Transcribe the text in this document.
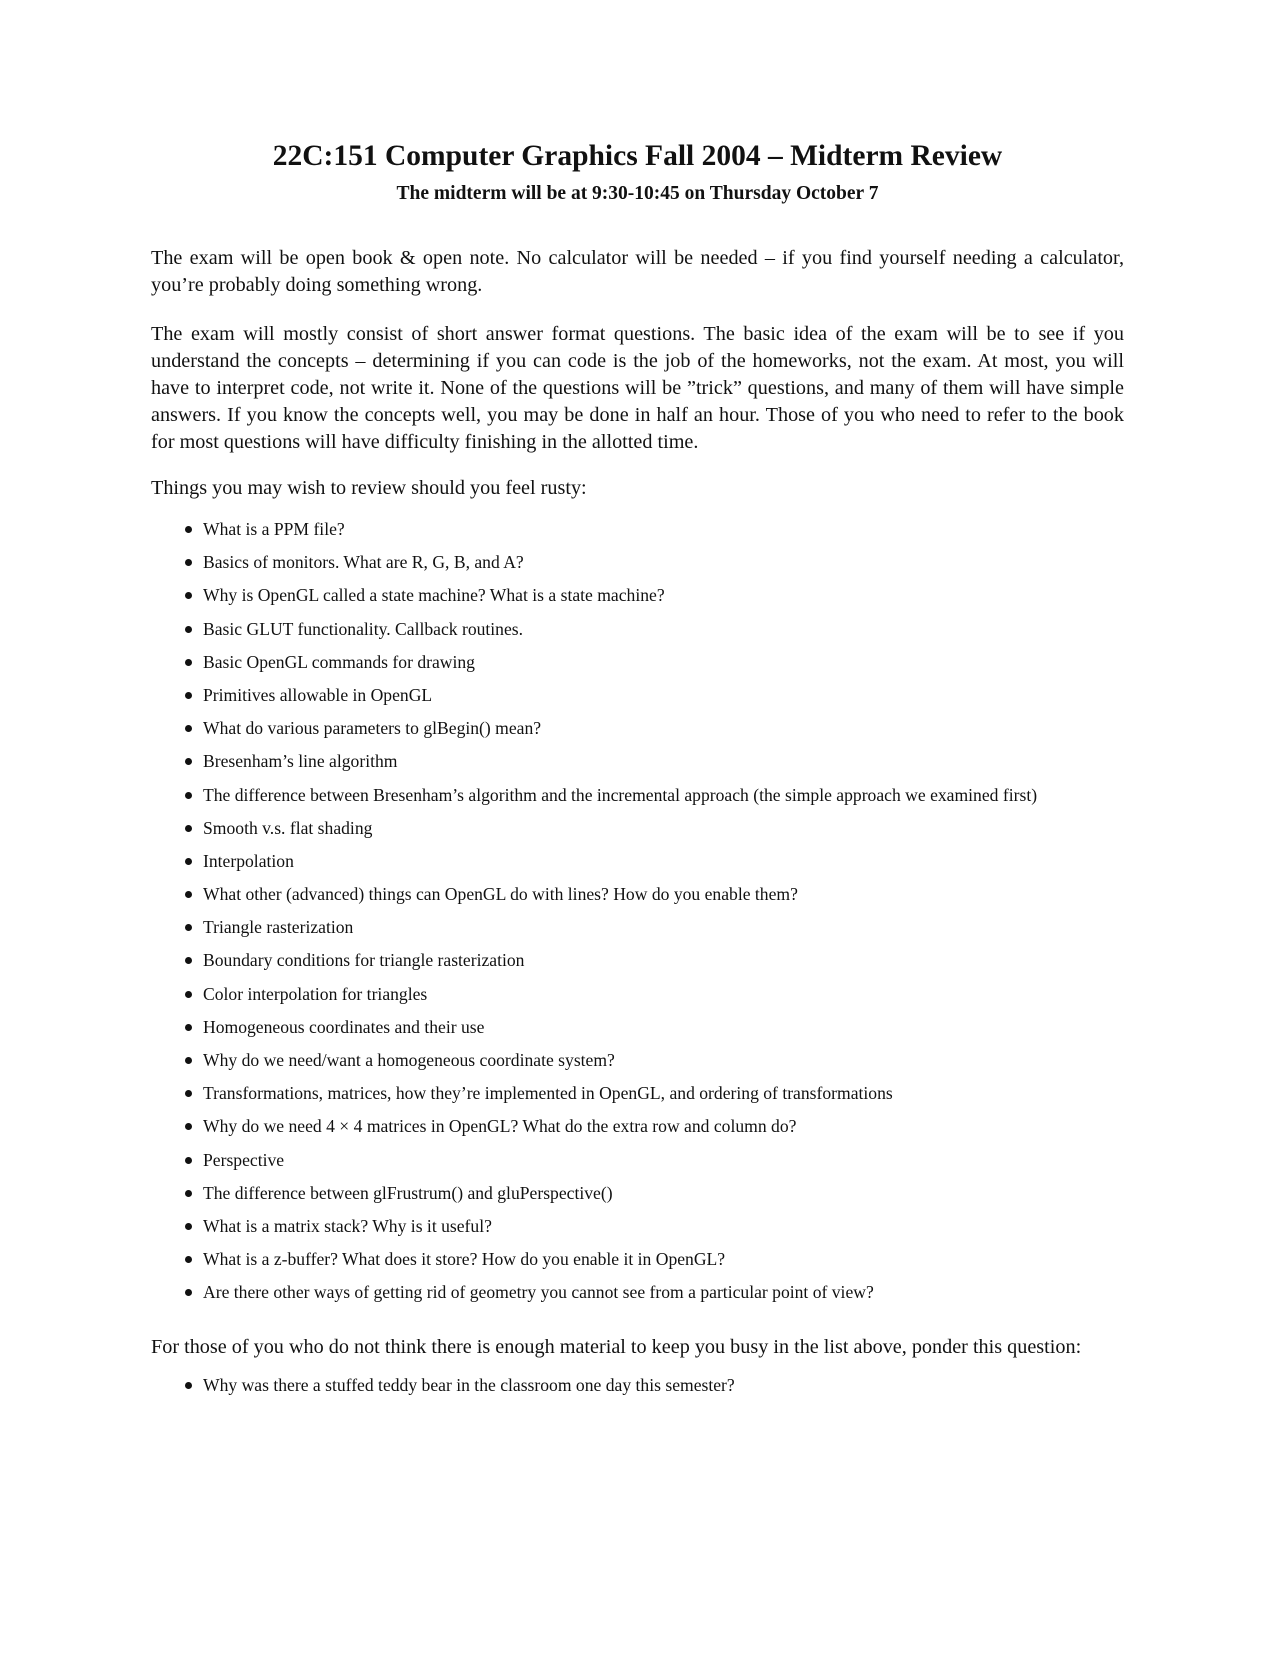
22C:151 Computer Graphics Fall 2004 – Midterm Review
The midterm will be at 9:30-10:45 on Thursday October 7

The exam will be open book & open note. No calculator will be needed – if you find yourself needing a calculator, you’re probably doing something wrong.

The exam will mostly consist of short answer format questions. The basic idea of the exam will be to see if you understand the concepts – determining if you can code is the job of the homeworks, not the exam. At most, you will have to interpret code, not write it. None of the questions will be ”trick” questions, and many of them will have simple answers. If you know the concepts well, you may be done in half an hour. Those of you who need to refer to the book for most questions will have difficulty finishing in the allotted time.

Things you may wish to review should you feel rusty:

What is a PPM file?
Basics of monitors. What are R, G, B, and A?
Why is OpenGL called a state machine? What is a state machine?
Basic GLUT functionality. Callback routines.
Basic OpenGL commands for drawing
Primitives allowable in OpenGL
What do various parameters to glBegin() mean?
Bresenham’s line algorithm
The difference between Bresenham’s algorithm and the incremental approach (the simple approach we examined first)
Smooth v.s. flat shading
Interpolation
What other (advanced) things can OpenGL do with lines? How do you enable them?
Triangle rasterization
Boundary conditions for triangle rasterization
Color interpolation for triangles
Homogeneous coordinates and their use
Why do we need/want a homogeneous coordinate system?
Transformations, matrices, how they’re implemented in OpenGL, and ordering of transformations
Why do we need 4 × 4 matrices in OpenGL? What do the extra row and column do?
Perspective
The difference between glFrustrum() and gluPerspective()
What is a matrix stack? Why is it useful?
What is a z-buffer? What does it store? How do you enable it in OpenGL?
Are there other ways of getting rid of geometry you cannot see from a particular point of view?

For those of you who do not think there is enough material to keep you busy in the list above, ponder this question:

Why was there a stuffed teddy bear in the classroom one day this semester?
